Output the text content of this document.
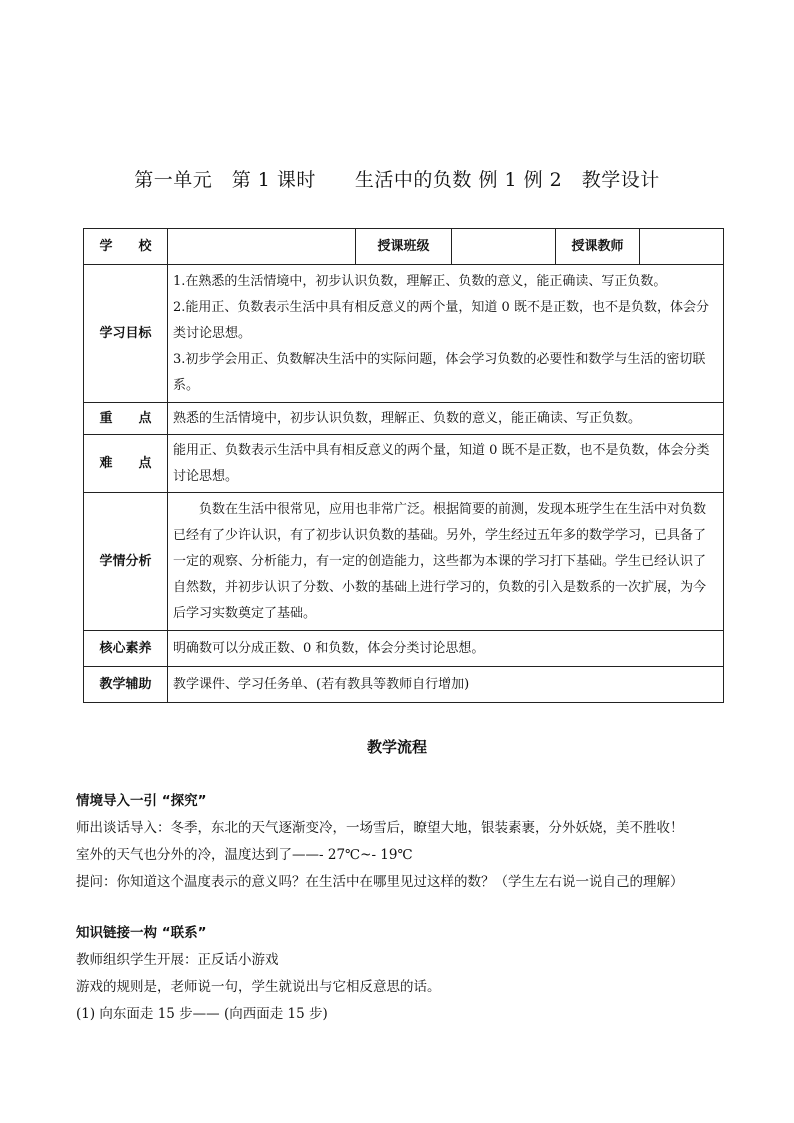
第一单元　第 1 课时　　生活中的负数 例 1 例 2　教学设计
学　　校		授课班级		授课教师	
学习目标	1.在熟悉的生活情境中，初步认识负数，理解正、负数的意义，能正确读、写正负数。

2.能用正、负数表示生活中具有相反意义的两个量，知道 0 既不是正数，也不是负数，体会分类讨论思想。

3.初步学会用正、负数解决生活中的实际问题，体会学习负数的必要性和数学与生活的密切联系。				

重　　点	熟悉的生活情境中，初步认识负数，理解正、负数的意义，能正确读、写正负数。				
难　　点	能用正、负数表示生活中具有相反意义的两个量，知道 0 既不是正数，也不是负数，体会分类讨论思想。				
学情分析	　　负数在生活中很常见，应用也非常广泛。根据简要的前测，发现本班学生在生活中对负数已经有了少许认识，有了初步认识负数的基础。另外，学生经过五年多的数学学习，已具备了一定的观察、分析能力，有一定的创造能力，这些都为本课的学习打下基础。学生已经认识了自然数，并初步认识了分数、小数的基础上进行学习的，负数的引入是数系的一次扩展，为今后学习实数奠定了基础。				
核心素养	明确数可以分成正数、0 和负数，体会分类讨论思想。				
教学辅助	教学课件、学习任务单、(若有教具等教师自行增加)				
教学流程

情境导入一引 “探究”

师出谈话导入：冬季，东北的天气逐渐变冷，一场雪后，瞭望大地，银装素裹，分外妖娆，美不胜收！

室外的天气也分外的冷，温度达到了——- 27℃~- 19℃

提问：你知道这个温度表示的意义吗？在生活中在哪里见过这样的数？（学生左右说一说自己的理解）

知识链接一构 “联系”

教师组织学生开展：正反话小游戏

游戏的规则是，老师说一句，学生就说出与它相反意思的话。

(1) 向东面走 15 步—— (向西面走 15 步)
